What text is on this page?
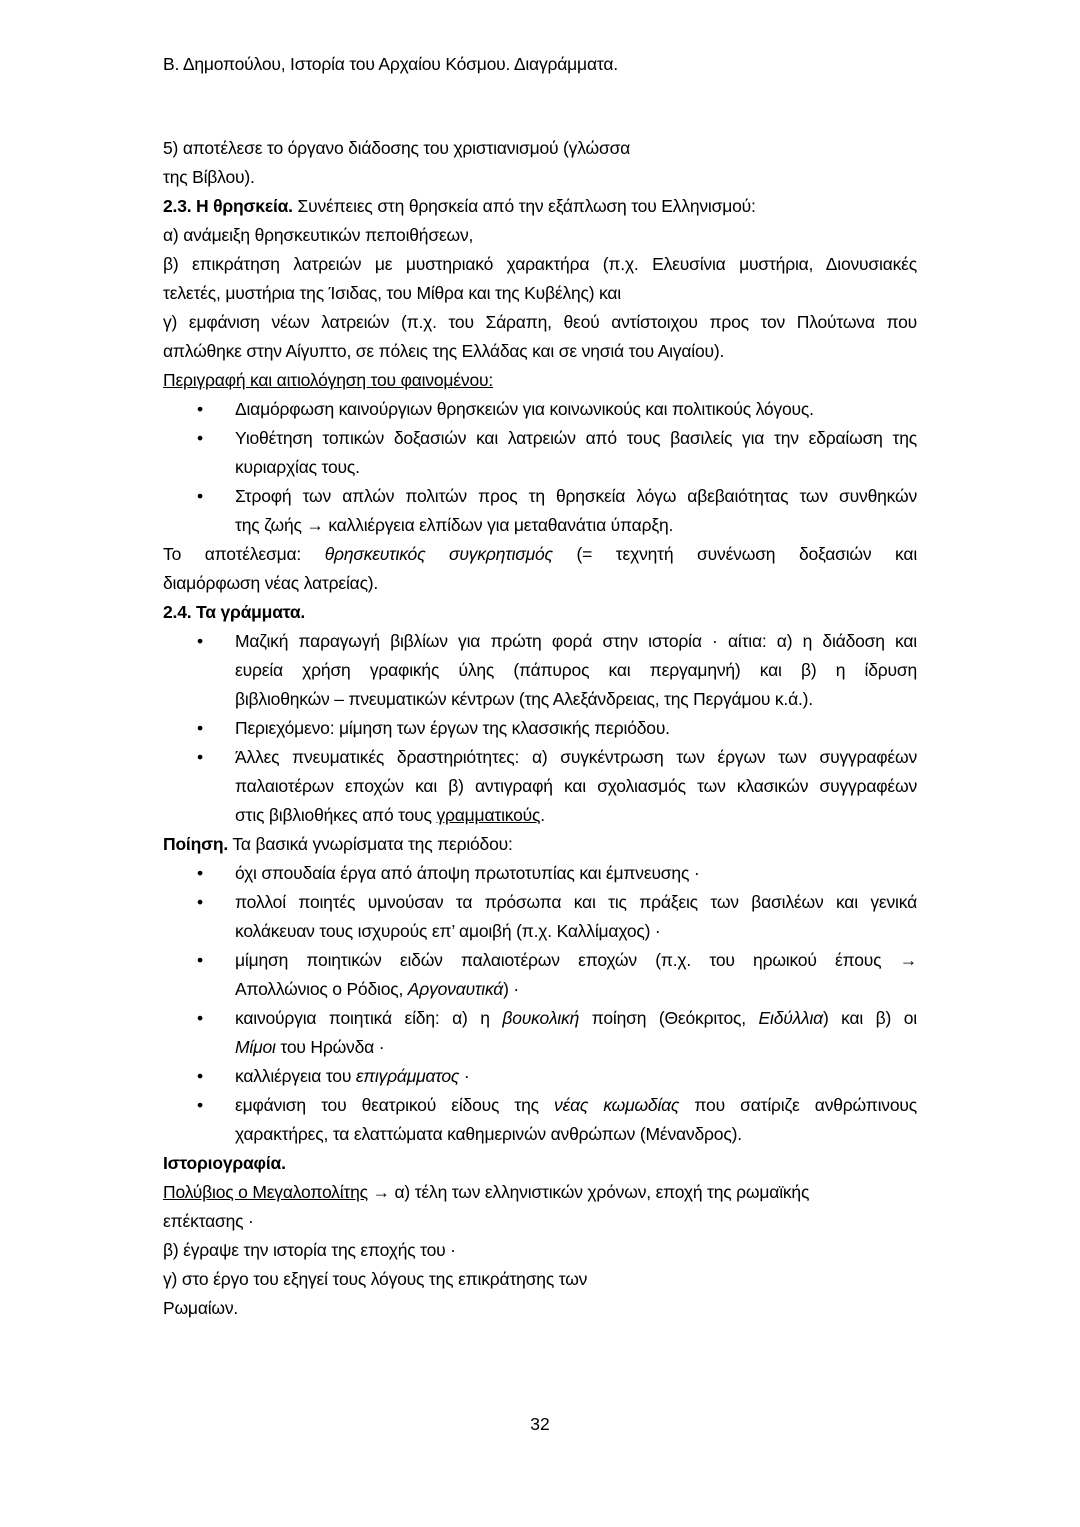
Β. Δημοπούλου, Ιστορία του Αρχαίου Κόσμου. Διαγράμματα.

5) αποτέλεσε το όργανο διάδοσης του χριστιανισμού (γλώσσα

της Βίβλου).

2.3. Η θρησκεία. Συνέπειες στη θρησκεία από την εξάπλωση του Ελληνισμού:

α) ανάμειξη θρησκευτικών πεποιθήσεων,

β) επικράτηση λατρειών με μυστηριακό χαρακτήρα (π.χ. Ελευσίνια μυστήρια, Διονυσιακές

τελετές, μυστήρια της Ίσιδας, του Μίθρα και της Κυβέλης) και

γ) εμφάνιση νέων λατρειών (π.χ. του Σάραπη, θεού αντίστοιχου προς τον Πλούτωνα που

απλώθηκε στην Αίγυπτο, σε πόλεις της Ελλάδας και σε νησιά του Αιγαίου).

Περιγραφή και αιτιολόγηση του φαινομένου:

• Διαμόρφωση καινούργιων θρησκειών για κοινωνικούς και πολιτικούς λόγους.

• Υιοθέτηση τοπικών δοξασιών και λατρειών από τους βασιλείς για την εδραίωση της

κυριαρχίας τους.

• Στροφή των απλών πολιτών προς τη θρησκεία λόγω αβεβαιότητας των συνθηκών

της ζωής → καλλιέργεια ελπίδων για μεταθανάτια ύπαρξη.

Το αποτέλεσμα: θρησκευτικός συγκρητισμός (= τεχνητή συνένωση δοξασιών και

διαμόρφωση νέας λατρείας).

2.4. Τα γράμματα.

• Μαζική παραγωγή βιβλίων για πρώτη φορά στην ιστορία · αίτια: α) η διάδοση και

ευρεία χρήση γραφικής ύλης (πάπυρος και περγαμηνή) και β) η ίδρυση

βιβλιοθηκών – πνευματικών κέντρων (της Αλεξάνδρειας, της Περγάμου κ.ά.).

• Περιεχόμενο: μίμηση των έργων της κλασσικής περιόδου.

• Άλλες πνευματικές δραστηριότητες: α) συγκέντρωση των έργων των συγγραφέων

παλαιοτέρων εποχών και β) αντιγραφή και σχολιασμός των κλασικών συγγραφέων

στις βιβλιοθήκες από τους γραμματικούς.

Ποίηση. Τα βασικά γνωρίσματα της περιόδου:

• όχι σπουδαία έργα από άποψη πρωτοτυπίας και έμπνευσης ·

• πολλοί ποιητές υμνούσαν τα πρόσωπα και τις πράξεις των βασιλέων και γενικά

κολάκευαν τους ισχυρούς επ’ αμοιβή (π.χ. Καλλίμαχος) ·

• μίμηση ποιητικών ειδών παλαιοτέρων εποχών (π.χ. του ηρωικού έπους →

Απολλώνιος ο Ρόδιος, Αργοναυτικά) ·

• καινούργια ποιητικά είδη: α) η βουκολική ποίηση (Θεόκριτος, Ειδύλλια) και β) οι

Μίμοι του Ηρώνδα ·

• καλλιέργεια του επιγράμματος ·

• εμφάνιση του θεατρικού είδους της νέας κωμωδίας που σατίριζε ανθρώπινους

χαρακτήρες, τα ελαττώματα καθημερινών ανθρώπων (Μένανδρος).

Ιστοριογραφία.

Πολύβιος ο Μεγαλοπολίτης → α) τέλη των ελληνιστικών χρόνων, εποχή της ρωμαϊκής

επέκτασης ·

β) έγραψε την ιστορία της εποχής του ·

γ) στο έργο του εξηγεί τους λόγους της επικράτησης των

Ρωμαίων.

32
